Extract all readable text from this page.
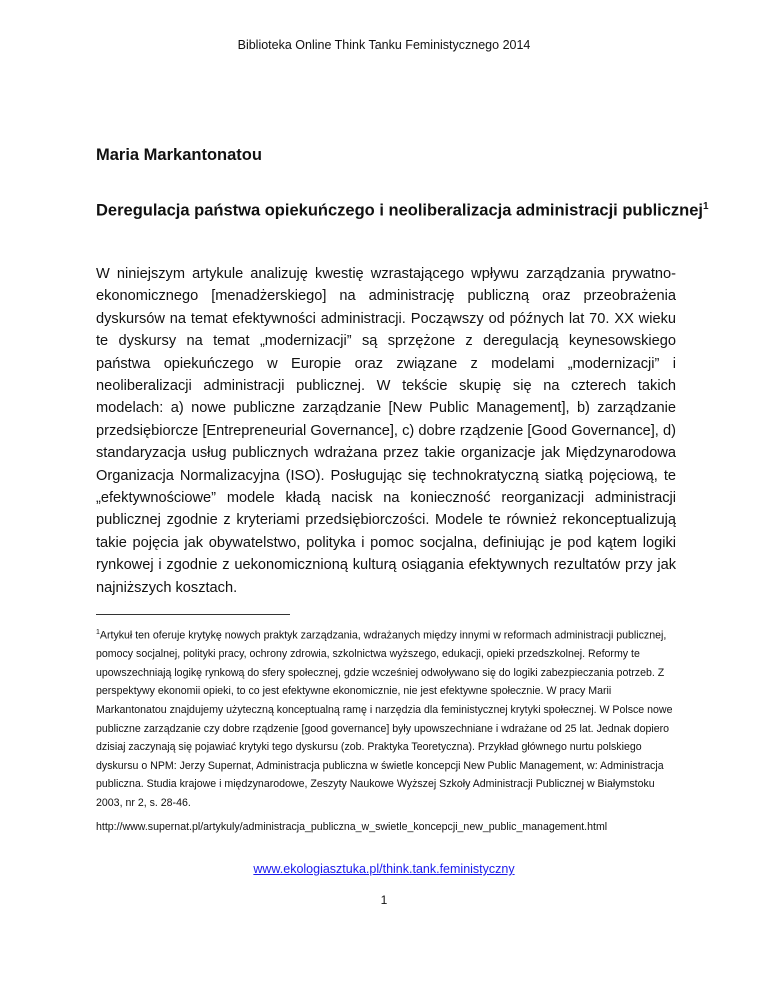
Biblioteka Online Think Tanku Feministycznego 2014
Maria Markantonatou
Deregulacja państwa opiekuńczego i neoliberalizacja administracji publicznej$^1$

W niniejszym artykule analizuję kwestię wzrastającego wpływu zarządzania prywatno-ekonomicznego [menadżerskiego] na administrację publiczną oraz przeobrażenia dyskursów na temat efektywności administracji. Począwszy od późnych lat 70. XX wieku te dyskursy na temat „modernizacji” są sprzężone z deregulacją keynesowskiego państwa opiekuńczego w Europie oraz związane z modelami „modernizacji” i neoliberalizacji administracji publicznej. W tekście skupię się na czterech takich modelach: a) nowe publiczne zarządzanie [New Public Management], b) zarządzanie przedsiębiorcze [Entrepreneurial Governance], c) dobre rządzenie [Good Governance], d) standaryzacja usług publicznych wdrażana przez takie organizacje jak Międzynarodowa Organizacja Normalizacyjna (ISO). Posługując się technokratyczną siatką pojęciową, te „efektywnościowe” modele kładą nacisk na konieczność reorganizacji administracji publicznej zgodnie z kryteriami przedsiębiorczości. Modele te również rekonceptualizują takie pojęcia jak obywatelstwo, polityka i pomoc socjalna, definiując je pod kątem logiki rynkowej i zgodnie z uekonomicznioną kulturą osiągania efektywnych rezultatów przy jak najniższych kosztach.

$^1$Artykuł ten oferuje krytykę nowych praktyk zarządzania, wdrażanych między innymi w reformach administracji publicznej, pomocy socjalnej, polityki pracy, ochrony zdrowia, szkolnictwa wyższego, edukacji, opieki przedszkolnej. Reformy te upowszechniają logikę rynkową do sfery społecznej, gdzie wcześniej odwoływano się do logiki zabezpieczania potrzeb. Z perspektywy ekonomii opieki, to co jest efektywne ekonomicznie, nie jest efektywne społecznie. W pracy Marii Markantonatou znajdujemy użyteczną konceptualną ramę i narzędzia dla feministycznej krytyki społecznej. W Polsce nowe publiczne zarządzanie czy dobre rządzenie [good governance] były upowszechniane i wdrażane od 25 lat. Jednak dopiero dzisiaj zaczynają się pojawiać krytyki tego dyskursu (zob. Praktyka Teoretyczna). Przykład głównego nurtu polskiego dyskursu o NPM: Jerzy Supernat, Administracja publiczna w świetle koncepcji New Public Management, w: Administracja publiczna. Studia krajowe i międzynarodowe, Zeszyty Naukowe Wyższej Szkoły Administracji Publicznej w Białymstoku 2003, nr 2, s. 28-46.

http://www.supernat.pl/artykuly/administracja_publiczna_w_swietle_koncepcji_new_public_management.html

www.ekologiasztuka.pl/think.tank.feministyczny
1
